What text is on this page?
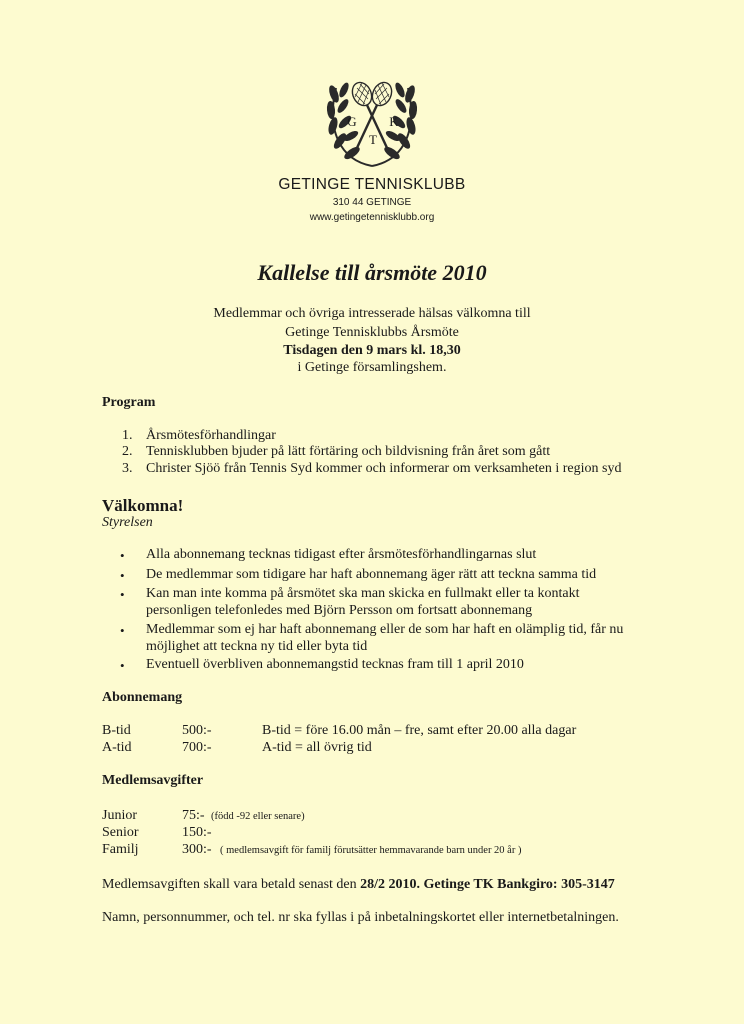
G	K
T
GETINGE TENNISKLUBB
310 44 GETINGE
www.getingetennisklubb.org
Kallelse till årsmöte 2010
Medlemmar och övriga intresserade hälsas välkomna till
Getinge Tennisklubbs Årsmöte
Tisdagen den 9 mars kl. 18,30
i Getinge församlingshem.
Program
1. Årsmötesförhandlingar
2. Tennisklubben bjuder på lätt förtäring och bildvisning från året som gått
3. Christer Sjöö från Tennis Syd kommer och informerar om verksamheten i region syd
Välkomna!
Styrelsen
• Alla abonnemang tecknas tidigast efter årsmötesförhandlingarnas slut
• De medlemmar som tidigare har haft abonnemang äger rätt att teckna samma tid
• Kan man inte komma på årsmötet ska man skicka en fullmakt eller ta kontakt
personligen telefonledes med Björn Persson om fortsatt abonnemang
• Medlemmar som ej har haft abonnemang eller de som har haft en olämplig tid, får nu
möjlighet att teckna ny tid eller byta tid
• Eventuell överbliven abonnemangstid tecknas fram till 1 april 2010
Abonnemang
B-tid	500:-	B-tid = före 16.00 mån – fre, samt efter 20.00 alla dagar
A-tid	700:-	A-tid = all övrig tid
Medlemsavgifter
Junior	75:- (född -92 eller senare)
Senior	150:-
Familj	300:- ( medlemsavgift för familj förutsätter hemmavarande barn under 20 år )
Medlemsavgiften skall vara betald senast den 28/2 2010. Getinge TK Bankgiro: 305-3147
Namn, personnummer, och tel. nr ska fyllas i på inbetalningskortet eller internetbetalningen.
